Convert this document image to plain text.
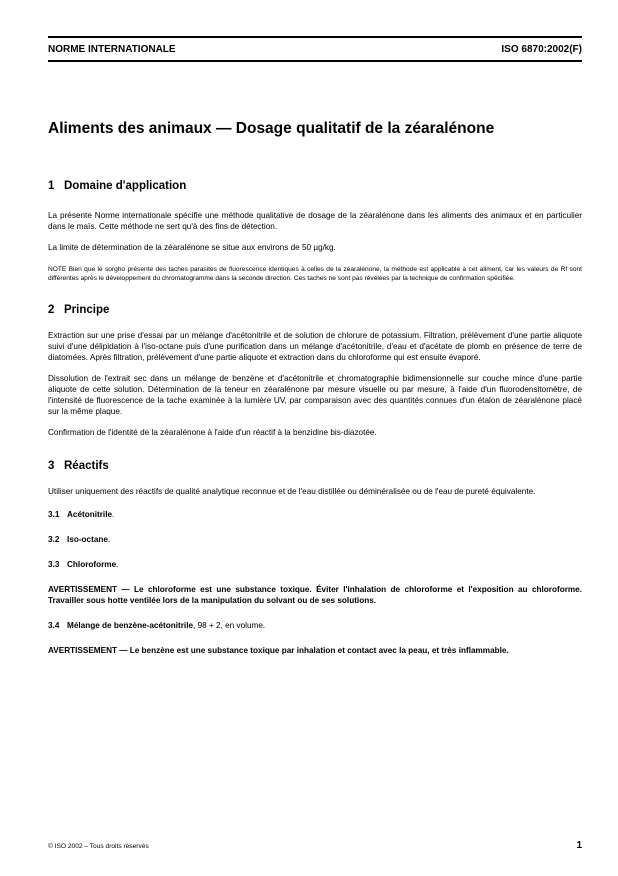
NORME INTERNATIONALE	ISO 6870:2002(F)
Aliments des animaux — Dosage qualitatif de la zéaralénone
1 Domaine d'application

La présente Norme internationale spécifie une méthode qualitative de dosage de la zéaralénone dans les aliments des animaux et en particulier dans le maïs. Cette méthode ne sert qu'à des fins de détection.

La limite de détermination de la zéaralénone se situe aux environs de 50 µg/kg.

NOTE Bien que le sorgho présente des taches parasites de fluorescence identiques à celles de la zéaralénone, la méthode est applicable à cet aliment, car les valeurs de Rf sont différentes après le développement du chromatogramme dans la seconde direction. Ces taches ne sont pas révélées par la technique de confirmation spécifiée.

2 Principe

Extraction sur une prise d'essai par un mélange d'acétonitrile et de solution de chlorure de potassium. Filtration, prélèvement d'une partie aliquote suivi d'une délipidation à l'iso-octane puis d'une purification dans un mélange d'acétonitrile, d'eau et d'acétate de plomb en présence de terre de diatomées. Après filtration, prélèvement d'une partie aliquote et extraction dans du chloroforme qui est ensuite évaporé.

Dissolution de l'extrait sec dans un mélange de benzène et d'acétonitrile et chromatographie bidimensionnelle sur couche mince d'une partie aliquote de cette solution. Détermination de la teneur en zéaralénone par mesure visuelle ou par mesure, à l'aide d'un fluorodensitomètre, de l'intensité de fluorescence de la tache examinée à la lumière UV, par comparaison avec des quantités connues d'un étalon de zéaralénone placé sur la même plaque.

Confirmation de l'identité de la zéaralénone à l'aide d'un réactif à la benzidine bis-diazotée.

3 Réactifs

Utiliser uniquement des réactifs de qualité analytique reconnue et de l'eau distillée ou déminéralisée ou de l'eau de pureté équivalente.

3.1 Acétonitrile.
3.2 Iso-octane.
3.3 Chloroforme.
AVERTISSEMENT — Le chloroforme est une substance toxique. Éviter l'inhalation de chloroforme et l'exposition au chloroforme. Travailler sous hotte ventilée lors de la manipulation du solvant ou de ses solutions.
3.4 Mélange de benzène-acétonitrile, 98 + 2, en volume.
AVERTISSEMENT — Le benzène est une substance toxique par inhalation et contact avec la peau, et très inflammable.
© ISO 2002 – Tous droits réservés	1
